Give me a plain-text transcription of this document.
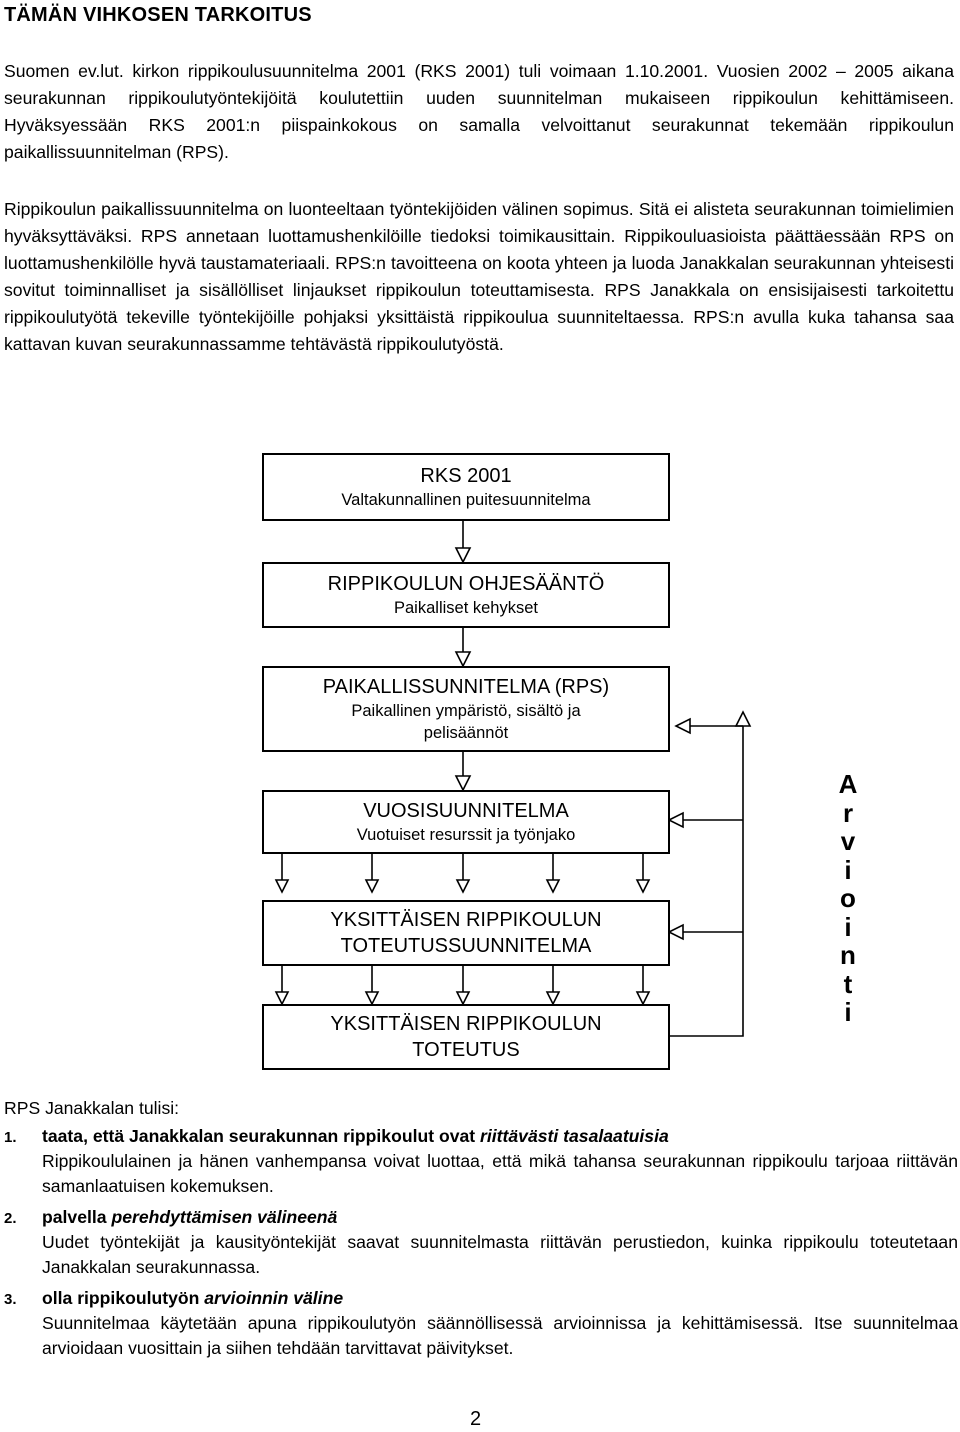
TÄMÄN VIHKOSEN TARKOITUS

Suomen ev.lut. kirkon rippikoulusuunnitelma 2001 (RKS 2001) tuli voimaan 1.10.2001. Vuosien 2002 – 2005 aikana seurakunnan rippikoulutyöntekijöitä koulutettiin uuden suunnitelman mukaiseen rippikoulun kehittämiseen. Hyväksyessään RKS 2001:n piispainkokous on samalla velvoittanut seurakunnat tekemään rippikoulun paikallissuunnitelman (RPS).

Rippikoulun paikallissuunnitelma on luonteeltaan työntekijöiden välinen sopimus. Sitä ei alisteta seurakunnan toimielimien hyväksyttäväksi. RPS annetaan luottamushenkilöille tiedoksi toimikausittain. Rippikouluasioista päättäessään RPS on luottamushenkilölle hyvä taustamateriaali. RPS:n tavoitteena on koota yhteen ja luoda Janakkalan seurakunnan yhteisesti sovitut toiminnalliset ja sisällölliset linjaukset rippikoulun toteuttamisesta. RPS Janakkala on ensisijaisesti tarkoitettu rippikoulutyötä tekeville työntekijöille pohjaksi yksittäistä rippikoulua suunniteltaessa. RPS:n avulla kuka tahansa saa kattavan kuvan seurakunnassamme tehtävästä rippikoulutyöstä.

RKS 2001
Valtakunnallinen puitesuunnitelma
RIPPIKOULUN OHJESÄÄNTÖ
Paikalliset kehykset
PAIKALLISSUNNITELMA (RPS)
Paikallinen ympäristö, sisältö ja
pelisäännöt
VUOSISUUNNITELMA
Vuotuiset resurssit ja työnjako
YKSITTÄISEN RIPPIKOULUN
TOTEUTUSSUUNNITELMA
YKSITTÄISEN RIPPIKOULUN
TOTEUTUS
A
r
v
i
o
i
n
t
i
RPS Janakkalan tulisi:
1. taata, että Janakkalan seurakunnan rippikoulut ovat riittävästi tasalaatuisia
Rippikoululainen ja hänen vanhempansa voivat luottaa, että mikä tahansa seurakunnan rippikoulu tarjoaa riittävän samanlaatuisen kokemuksen.
2. palvella perehdyttämisen välineenä
Uudet työntekijät ja kausityöntekijät saavat suunnitelmasta riittävän perustiedon, kuinka rippikoulu toteutetaan Janakkalan seurakunnassa.
3. olla rippikoulutyön arvioinnin väline
Suunnitelmaa käytetään apuna rippikoulutyön säännöllisessä arvioinnissa ja kehittämisessä. Itse suunnitelmaa arvioidaan vuosittain ja siihen tehdään tarvittavat päivitykset.
2
